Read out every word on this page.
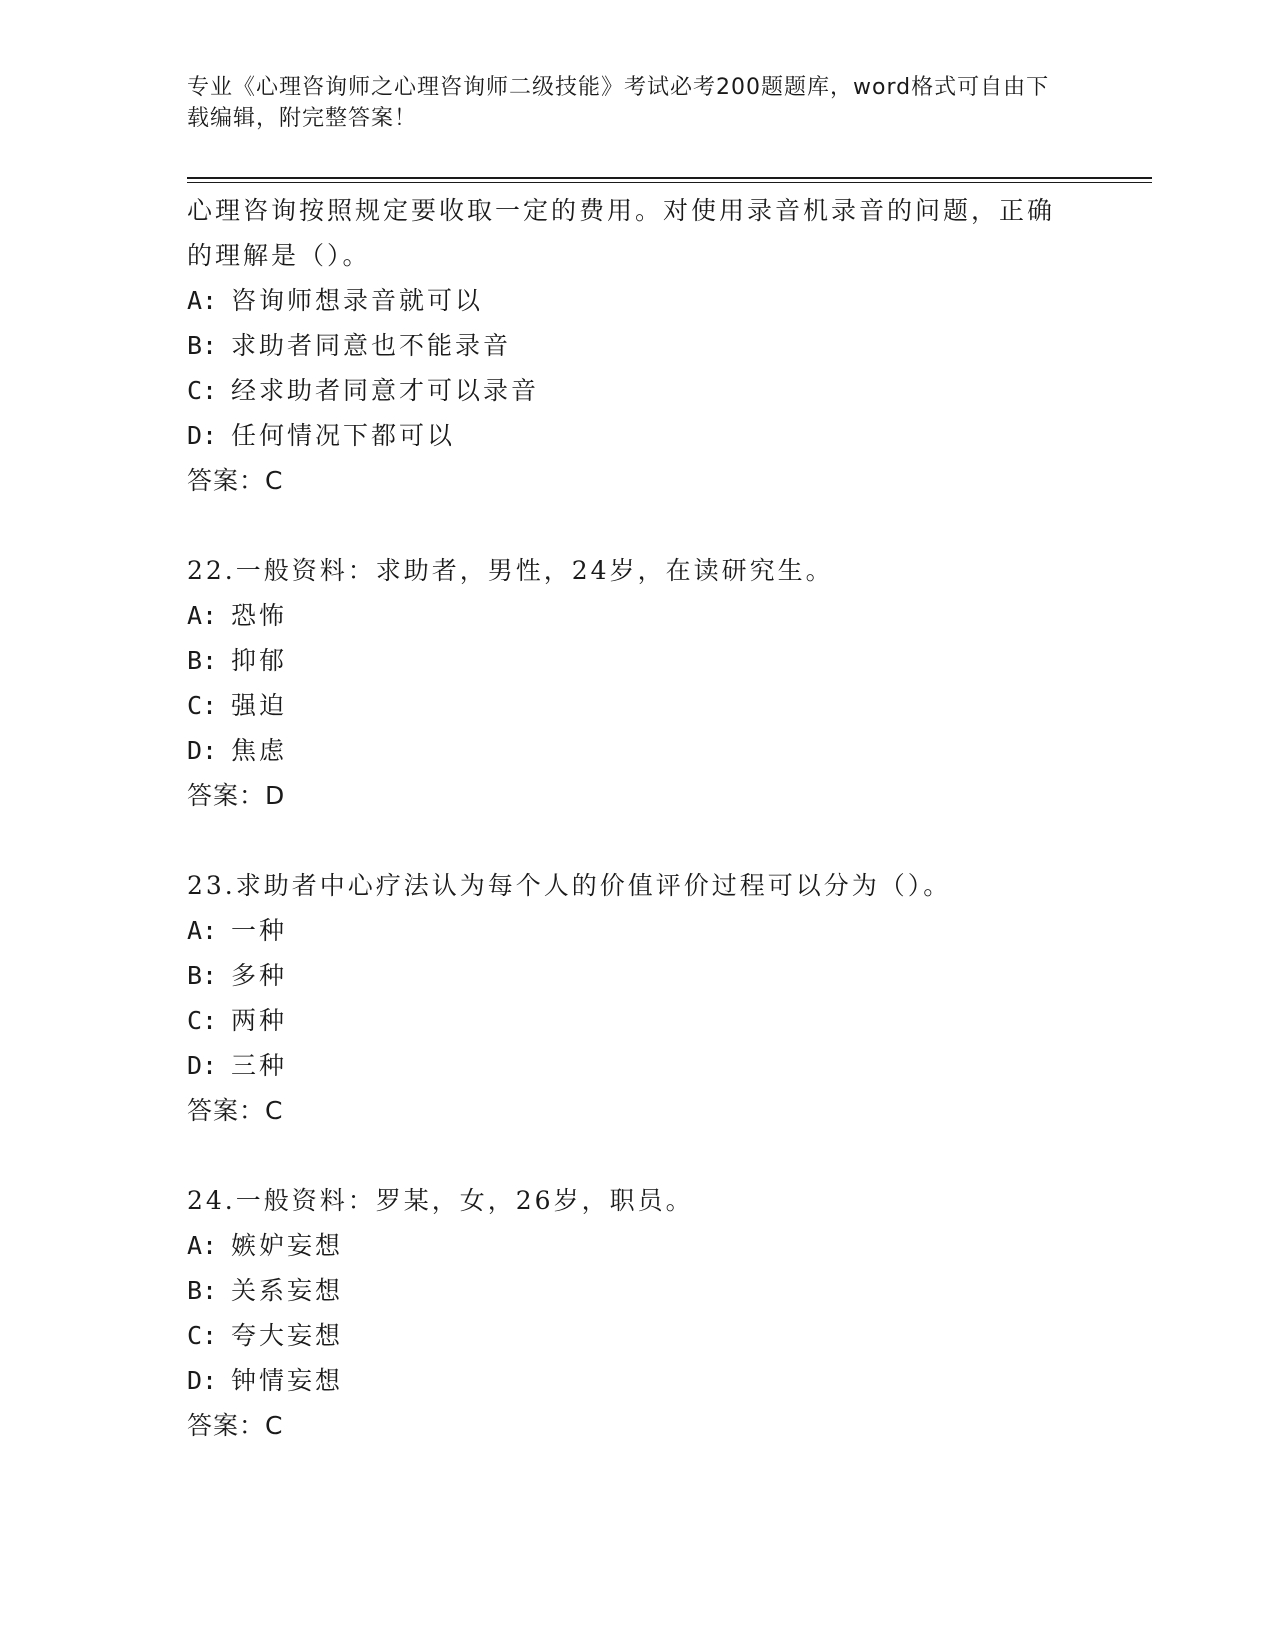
专业《心理咨询师之心理咨询师二级技能》考试必考200题题库，word格式可自由下载编辑，附完整答案！
心理咨询按照规定要收取一定的费用。对使用录音机录音的问题，正确的理解是（）。
A: 咨询师想录音就可以
B: 求助者同意也不能录音
C: 经求助者同意才可以录音
D: 任何情况下都可以
答案：C
22.一般资料：求助者，男性，24岁，在读研究生。
A: 恐怖
B: 抑郁
C: 强迫
D: 焦虑
答案：D
23.求助者中心疗法认为每个人的价值评价过程可以分为（）。
A: 一种
B: 多种
C: 两种
D: 三种
答案：C
24.一般资料：罗某，女，26岁，职员。
A: 嫉妒妄想
B: 关系妄想
C: 夸大妄想
D: 钟情妄想
答案：C
